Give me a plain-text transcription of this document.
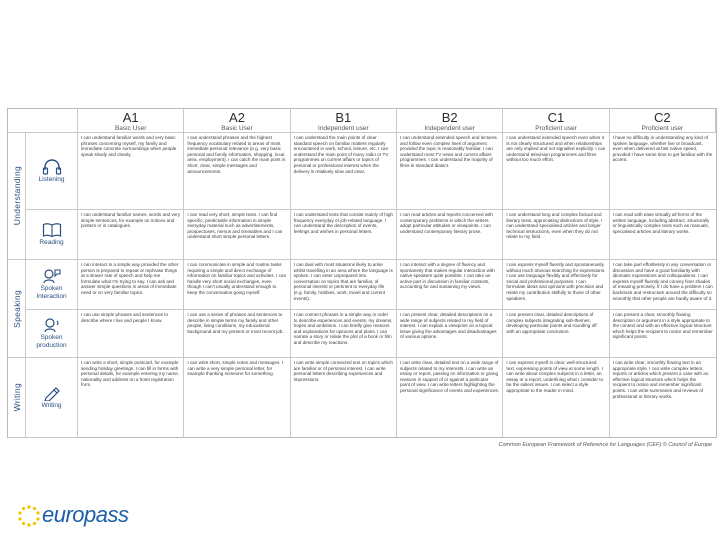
A1
Basic User
A2
Basic User
B1
Independent user
B2
Independent user
C1
Proficient user
C2
Proficient user
Understanding
Speaking
Writing
Listening
Reading
Spoken Interaction
Spoken production
Writing
I can understand familiar words and very basic phrases concerning myself, my family and immediate concrete surroundings when people speak slowly and clearly.
I can understand phrases and the highest frequency vocabulary related to areas of most immediate personal relevance (e.g. very basic personal and family information, shopping, local area, employment). I can catch the main point in short, clear, simple messages and announcements.
I can understand the main points of clear standard speech on familiar matters regularly encountered in work, school, leisure, etc. I can understand the main point of many radio or TV programmes on current affairs or topics of personal or professional interest when the delivery is relatively slow and clear.
I can understand extended speech and lectures and follow even complex lines of argument provided the topic is reasonably familiar. I can understand most TV news and current affairs programmes. I can understand the majority of films in standard dialect.
I can understand extended speech even when it is not clearly structured and when relationships are only implied and not signalled explicitly. I can understand television programmes and films without too much effort.
I have no difficulty in understanding any kind of spoken language, whether live or broadcast, even when delivered at fast native speed, provided I have some time to get familiar with the accent.
I can understand familiar names, words and very simple sentences, for example on notices and posters or in catalogues.
I can read very short, simple texts. I can find specific, predictable information in simple everyday material such as advertisements, prospectuses, menus and timetables and I can understand short simple personal letters.
I can understand texts that consist mainly of high frequency everyday or job-related language. I can understand the description of events, feelings and wishes in personal letters.
I can read articles and reports concerned with contemporary problems in which the writers adopt particular attitudes or viewpoints. I can understand contemporary literary prose.
I can understand long and complex factual and literary texts, appreciating distinctions of style. I can understand specialised articles and longer technical instructions, even when they do not relate to my field.
I can read with ease virtually all forms of the written language, including abstract, structurally or linguistically complex texts such as manuals, specialised articles and literary works.
I can interact in a simple way provided the other person is prepared to repeat or rephrase things at a slower rate of speech and help me formulate what I'm trying to say. I can ask and answer simple questions in areas of immediate need or on very familiar topics.
I can communicate in simple and routine tasks requiring a simple and direct exchange of information on familiar topics and activities. I can handle very short social exchanges, even though I can't usually understand enough to keep the conversation going myself.
I can deal with most situations likely to arise whilst travelling in an area where the language is spoken. I can enter unprepared into conversation on topics that are familiar, of personal interest or pertinent to everyday life (e.g. family, hobbies, work, travel and current events).
I can interact with a degree of fluency and spontaneity that makes regular interaction with native speakers quite possible. I can take an active part in discussion in familiar contexts, accounting for and sustaining my views.
I can express myself fluently and spontaneously without much obvious searching for expressions. I can use language flexibly and effectively for social and professional purposes. I can formulate ideas and opinions with precision and relate my contribution skilfully to those of other speakers.
I can take part effortlessly in any conversation or discussion and have a good familiarity with idiomatic expressions and colloquialisms. I can express myself fluently and convey finer shades of meaning precisely. If I do have a problem I can backtrack and restructure around the difficulty so smoothly that other people are hardly aware of it.
I can use simple phrases and sentences to describe where I live and people I know.
I can use a series of phrases and sentences to describe in simple terms my family and other people, living conditions, my educational background and my present or most recent job.
I can connect phrases in a simple way in order to describe experiences and events, my dreams, hopes and ambitions. I can briefly give reasons and explanations for opinions and plans. I can narrate a story or relate the plot of a book or film and describe my reactions.
I can present clear, detailed descriptions on a wide range of subjects related to my field of interest. I can explain a viewpoint on a topical issue giving the advantages and disadvantages of various options.
I can present clear, detailed descriptions of complex subjects integrating sub-themes, developing particular points and rounding off with an appropriate conclusion.
I can present a clear, smoothly flowing description or argument in a style appropriate to the context and with an effective logical structure which helps the recipient to notice and remember significant points.
I can write a short, simple postcard, for example sending holiday greetings. I can fill in forms with personal details, for example entering my name, nationality and address on a hotel registration form.
I can write short, simple notes and messages. I can write a very simple personal letter, for example thanking someone for something.
I can write simple connected text on topics which are familiar or of personal interest. I can write personal letters describing experiences and impressions.
I can write clear, detailed text on a wide range of subjects related to my interests. I can write an essay or report, passing on information or giving reasons in support of or against a particular point of view. I can write letters highlighting the personal significance of events and experiences.
I can express myself in clear, well-structured text, expressing points of view at some length. I can write about complex subjects in a letter, an essay or a report, underlining what I consider to be the salient issues. I can select a style appropriate to the reader in mind.
I can write clear, smoothly flowing text in an appropriate style. I can write complex letters, reports or articles which present a case with an effective logical structure which helps the recipient to notice and remember significant points. I can write summaries and reviews of professional or literary works.
Common European Framework of Reference for Languages (CEF) © Council of Europe
europass
